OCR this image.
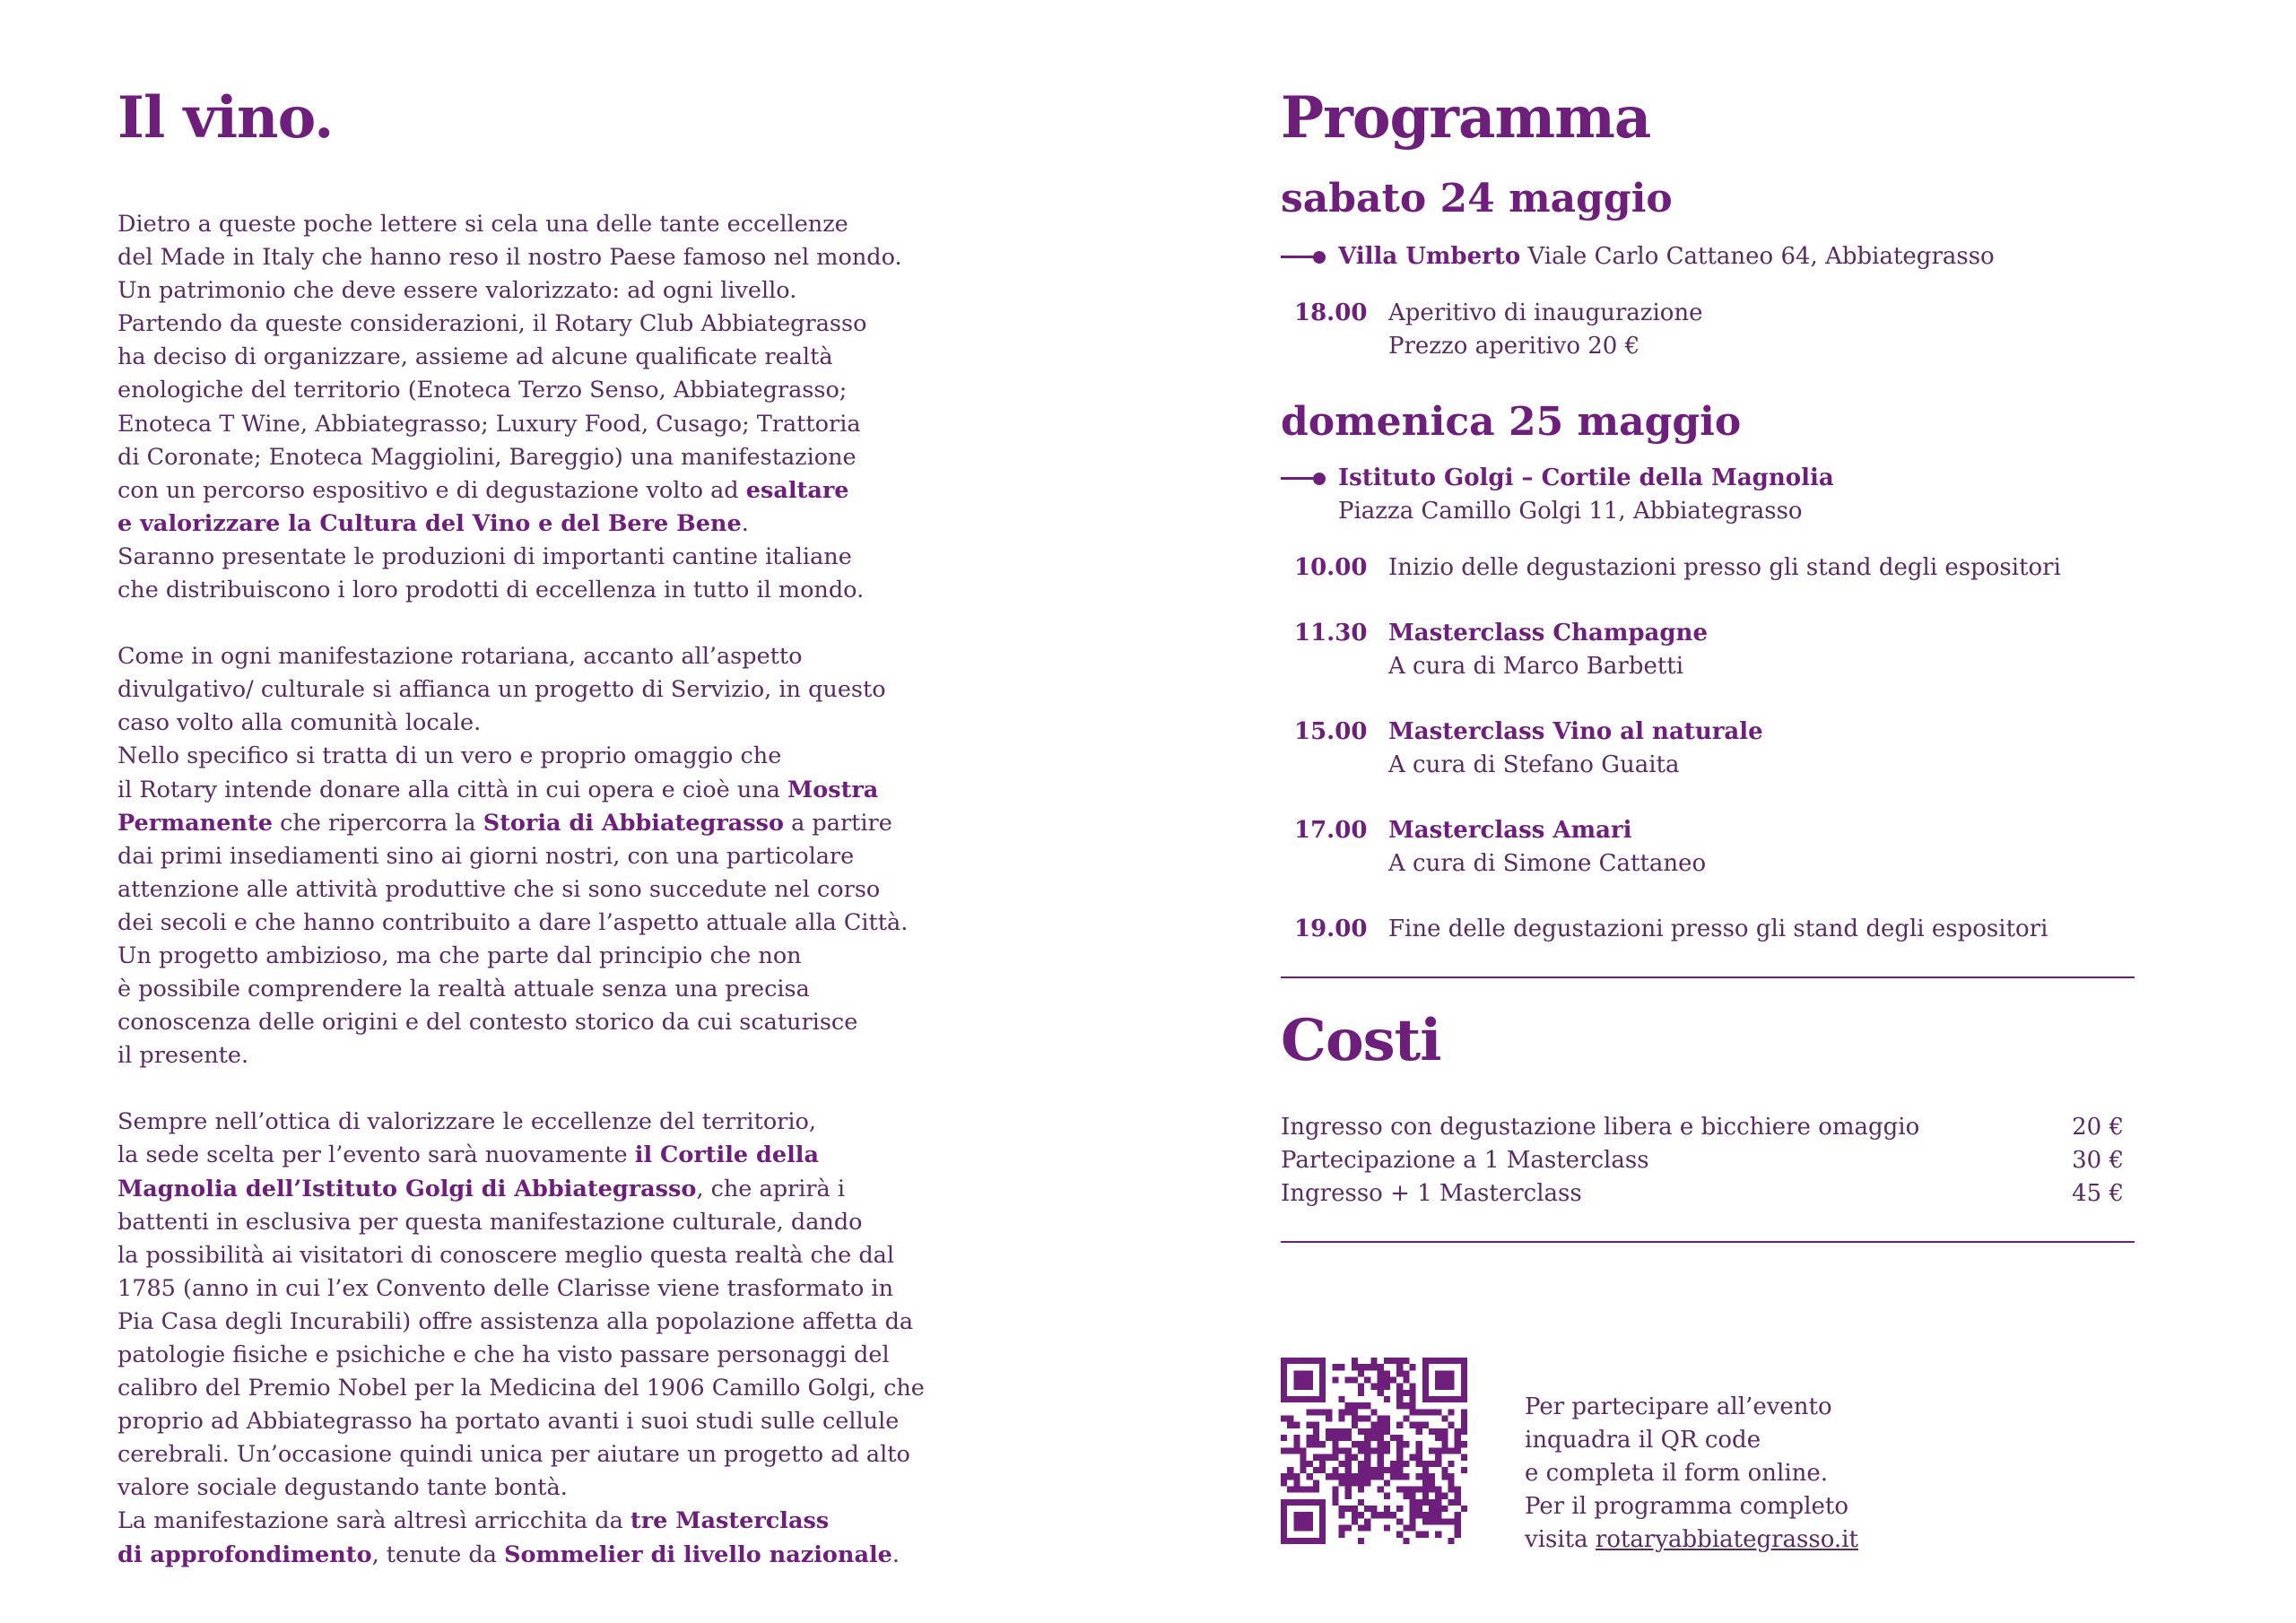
Il vino.

Dietro a queste poche lettere si cela una delle tante eccellenze
del Made in Italy che hanno reso il nostro Paese famoso nel mondo.
Un patrimonio che deve essere valorizzato: ad ogni livello.
Partendo da queste considerazioni, il Rotary Club Abbiategrasso
ha deciso di organizzare, assieme ad alcune qualificate realtà
enologiche del territorio (Enoteca Terzo Senso, Abbiategrasso;
Enoteca T Wine, Abbiategrasso; Luxury Food, Cusago; Trattoria
di Coronate; Enoteca Maggiolini, Bareggio) una manifestazione
con un percorso espositivo e di degustazione volto ad esaltare
e valorizzare la Cultura del Vino e del Bere Bene.
Saranno presentate le produzioni di importanti cantine italiane
che distribuiscono i loro prodotti di eccellenza in tutto il mondo.

Come in ogni manifestazione rotariana, accanto all’aspetto
divulgativo/ culturale si affianca un progetto di Servizio, in questo
caso volto alla comunità locale.
Nello specifico si tratta di un vero e proprio omaggio che
il Rotary intende donare alla città in cui opera e cioè una Mostra
Permanente che ripercorra la Storia di Abbiategrasso a partire
dai primi insediamenti sino ai giorni nostri, con una particolare
attenzione alle attività produttive che si sono succedute nel corso
dei secoli e che hanno contribuito a dare l’aspetto attuale alla Città.
Un progetto ambizioso, ma che parte dal principio che non
è possibile comprendere la realtà attuale senza una precisa
conoscenza delle origini e del contesto storico da cui scaturisce
il presente.

Sempre nell’ottica di valorizzare le eccellenze del territorio,
la sede scelta per l’evento sarà nuovamente il Cortile della
Magnolia dell’Istituto Golgi di Abbiategrasso, che aprirà i
battenti in esclusiva per questa manifestazione culturale, dando
la possibilità ai visitatori di conoscere meglio questa realtà che dal
1785 (anno in cui l’ex Convento delle Clarisse viene trasformato in
Pia Casa degli Incurabili) offre assistenza alla popolazione affetta da
patologie fisiche e psichiche e che ha visto passare personaggi del
calibro del Premio Nobel per la Medicina del 1906 Camillo Golgi, che
proprio ad Abbiategrasso ha portato avanti i suoi studi sulle cellule
cerebrali. Un’occasione quindi unica per aiutare un progetto ad alto
valore sociale degustando tante bontà.
La manifestazione sarà altresì arricchita da tre Masterclass
di approfondimento, tenute da Sommelier di livello nazionale.

Programma
sabato 24 maggio
Villa Umberto Viale Carlo Cattaneo 64, Abbiategrasso
18.00 Aperitivo di inaugurazione
Prezzo aperitivo 20 €
domenica 25 maggio
Istituto Golgi – Cortile della Magnolia
Piazza Camillo Golgi 11, Abbiategrasso
10.00 Inizio delle degustazioni presso gli stand degli espositori
11.30 Masterclass Champagne
A cura di Marco Barbetti
15.00 Masterclass Vino al naturale
A cura di Stefano Guaita
17.00 Masterclass Amari
A cura di Simone Cattaneo
19.00 Fine delle degustazioni presso gli stand degli espositori
Costi
Ingresso con degustazione libera e bicchiere omaggio	20 €
Partecipazione a 1 Masterclass	30 €
Ingresso + 1 Masterclass	45 €
Per partecipare all’evento
inquadra il QR code
e completa il form online.
Per il programma completo
visita rotaryabbiategrasso.it
